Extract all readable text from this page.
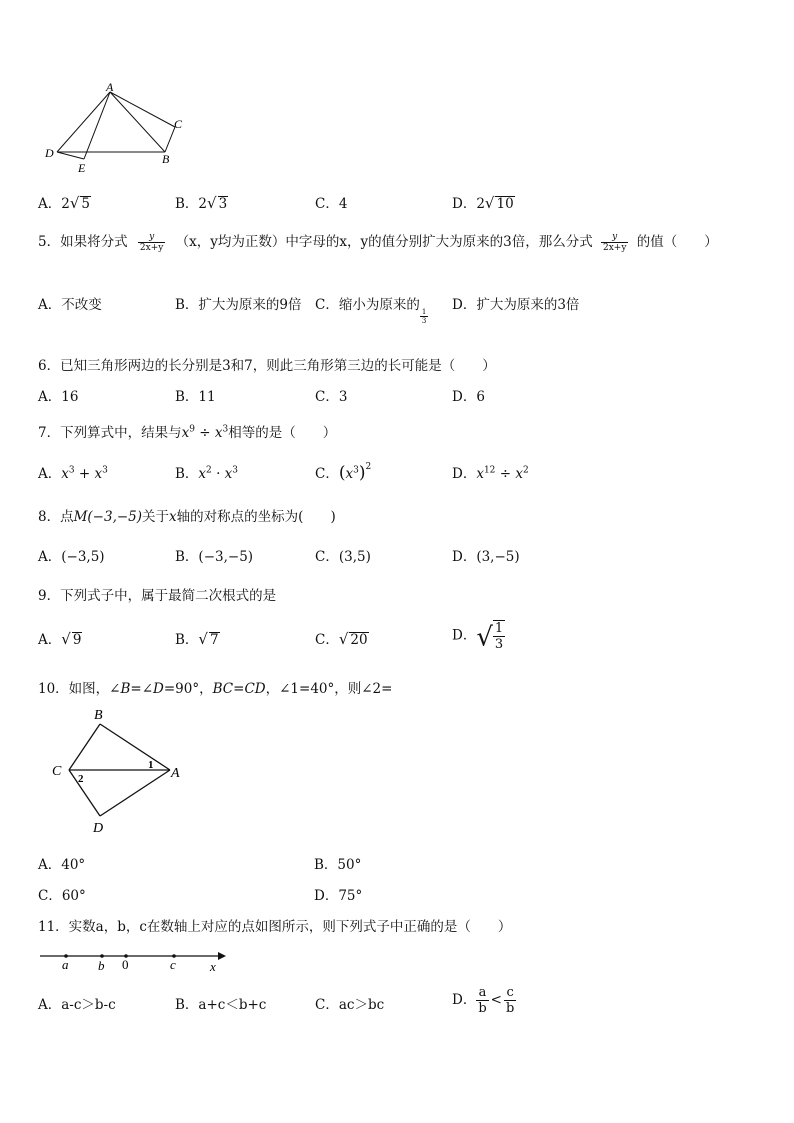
A
C
D	B
E
A．2√ 5	B．2√ 3	C．4	D．2√ 10
5．如果将分式 $\frac{y}{2x+y} (x$，y均为正数）中字母的x，y的值分别扩大为原来的3倍，那么分式 $\frac{y}{2x+y}$ 的值（　　）
A．不改变	B．扩大为原来的9倍 C．缩小为原来的
$\frac{1}{3}$
D．扩大为原来的3倍
6．已知三角形两边的长分别是3和7，则此三角形第三边的长可能是（　　）
A．16	B．11	C．3	D．6
7．下列算式中，结果与$x^9 \div x^3$相等的是（　　）
A．$x^3 + x^3$	B．$x^2 \cdot x^3$	C．$(x^3)^2$	D．$x^{12} \div x^2$
8．点M(−3,−5)关于x轴的对称点的坐标为(　　)
A．(−3,5)	B．(−3,−5)	C．(3,5)	D．(3,−5)
9．下列式子中，属于最简二次根式的是
A．√ 9	B．√ 7	C．√ 20	D．√ $\frac{1}{3}$
10．如图，∠B=∠D=90°，BC=CD，∠1=40°，则∠2=
B
C	A
D
1
2
A．40°	B．50°
C．60°	D．75°
11．实数a，b，c在数轴上对应的点如图所示，则下列式子中正确的是（　　）
a b 0	c	x
A．a-c＞b-c	B．a+c＜b+c	C．ac＞bc	D． $\frac{a}{b} < \frac{c}{b}$
